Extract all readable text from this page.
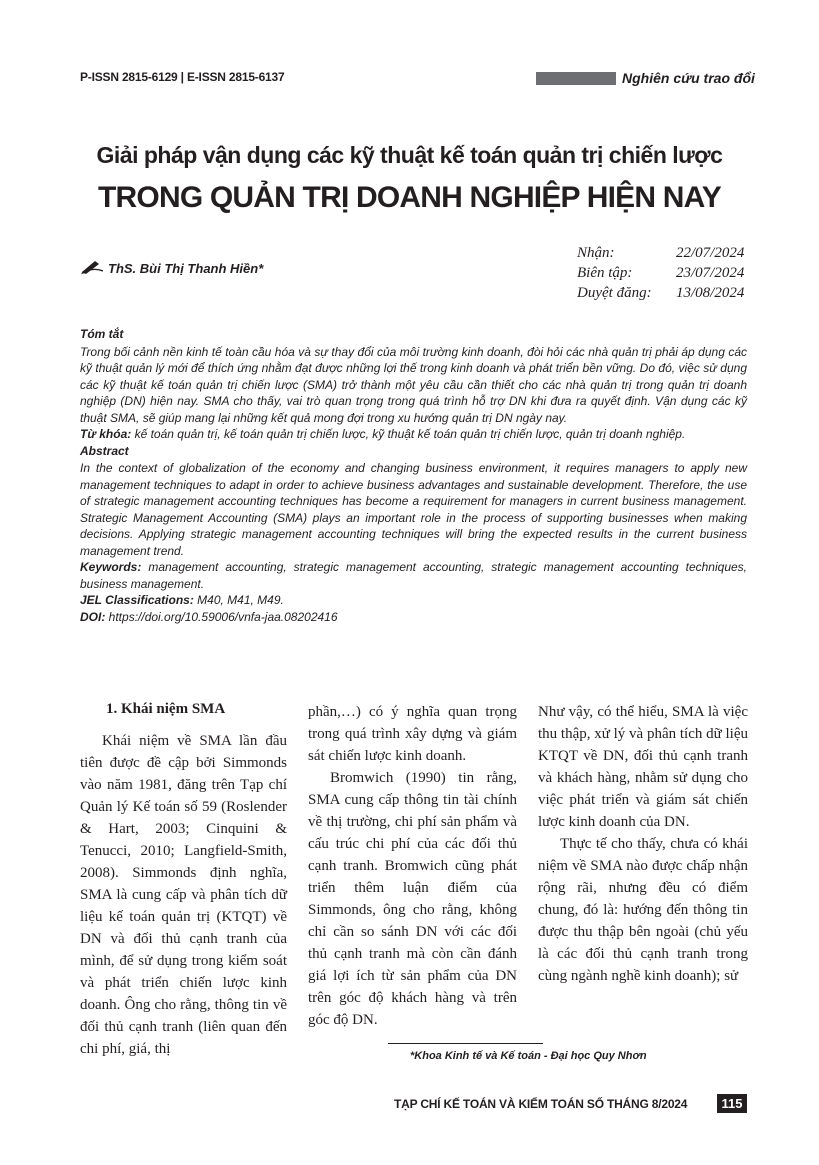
P-ISSN 2815-6129 | E-ISSN 2815-6137	Nghiên cứu trao đổi
Giải pháp vận dụng các kỹ thuật kế toán quản trị chiến lược
TRONG QUẢN TRỊ DOANH NGHIỆP HIỆN NAY
ThS. Bùi Thị Thanh Hiền*
Nhận:	22/07/2024
Biên tập:	23/07/2024
Duyệt đăng:	13/08/2024

Tóm tắt

Trong bối cảnh nền kinh tế toàn cầu hóa và sự thay đổi của môi trường kinh doanh, đòi hỏi các nhà quản trị phải áp dụng các kỹ thuật quản lý mới để thích ứng nhằm đạt được những lợi thế trong kinh doanh và phát triển bền vững. Do đó, việc sử dụng các kỹ thuật kế toán quản trị chiến lược (SMA) trở thành một yêu cầu cần thiết cho các nhà quản trị trong quản trị doanh nghiệp (DN) hiện nay. SMA cho thấy, vai trò quan trọng trong quá trình hỗ trợ DN khi đưa ra quyết định. Vận dụng các kỹ thuật SMA, sẽ giúp mang lại những kết quả mong đợi trong xu hướng quản trị DN ngày nay.

Từ khóa: kế toán quản trị, kế toán quản trị chiến lược, kỹ thuật kế toán quản trị chiến lược, quản trị doanh nghiệp.

Abstract

In the context of globalization of the economy and changing business environment, it requires managers to apply new management techniques to adapt in order to achieve business advantages and sustainable development. Therefore, the use of strategic management accounting techniques has become a requirement for managers in current business management. Strategic Management Accounting (SMA) plays an important role in the process of supporting businesses when making decisions. Applying strategic management accounting techniques will bring the expected results in the current business management trend.

Keywords: management accounting, strategic management accounting, strategic management accounting techniques, business management.

JEL Classifications: M40, M41, M49.

DOI: https://doi.org/10.59006/vnfa-jaa.08202416

1. Khái niệm SMA

Khái niệm về SMA lần đầu tiên được đề cập bởi Simmonds vào năm 1981, đăng trên Tạp chí Quản lý Kế toán số 59 (Roslender & Hart, 2003; Cinquini & Tenucci, 2010; Langfield-Smith, 2008). Simmonds định nghĩa, SMA là cung cấp và phân tích dữ liệu kế toán quản trị (KTQT) về DN và đối thủ cạnh tranh của mình, để sử dụng trong kiểm soát và phát triển chiến lược kinh doanh. Ông cho rằng, thông tin về đối thủ cạnh tranh (liên quan đến chi phí, giá, thị

phần,…) có ý nghĩa quan trọng trong quá trình xây dựng và giám sát chiến lược kinh doanh.

Bromwich (1990) tin rằng, SMA cung cấp thông tin tài chính về thị trường, chi phí sản phẩm và cấu trúc chi phí của các đối thủ cạnh tranh. Bromwich cũng phát triển thêm luận điểm của Simmonds, ông cho rằng, không chỉ cần so sánh DN với các đối thủ cạnh tranh mà còn cần đánh giá lợi ích từ sản phẩm của DN trên góc độ khách hàng và trên góc độ DN.

Như vậy, có thể hiểu, SMA là việc thu thập, xử lý và phân tích dữ liệu KTQT về DN, đối thủ cạnh tranh và khách hàng, nhằm sử dụng cho việc phát triển và giám sát chiến lược kinh doanh của DN.

Thực tế cho thấy, chưa có khái niệm về SMA nào được chấp nhận rộng rãi, nhưng đều có điểm chung, đó là: hướng đến thông tin được thu thập bên ngoài (chủ yếu là các đối thủ cạnh tranh trong cùng ngành nghề kinh doanh); sử

*Khoa Kinh tế và Kế toán - Đại học Quy Nhơn
TẠP CHÍ KẾ TOÁN VÀ KIỂM TOÁN SỐ THÁNG 8/2024	115
